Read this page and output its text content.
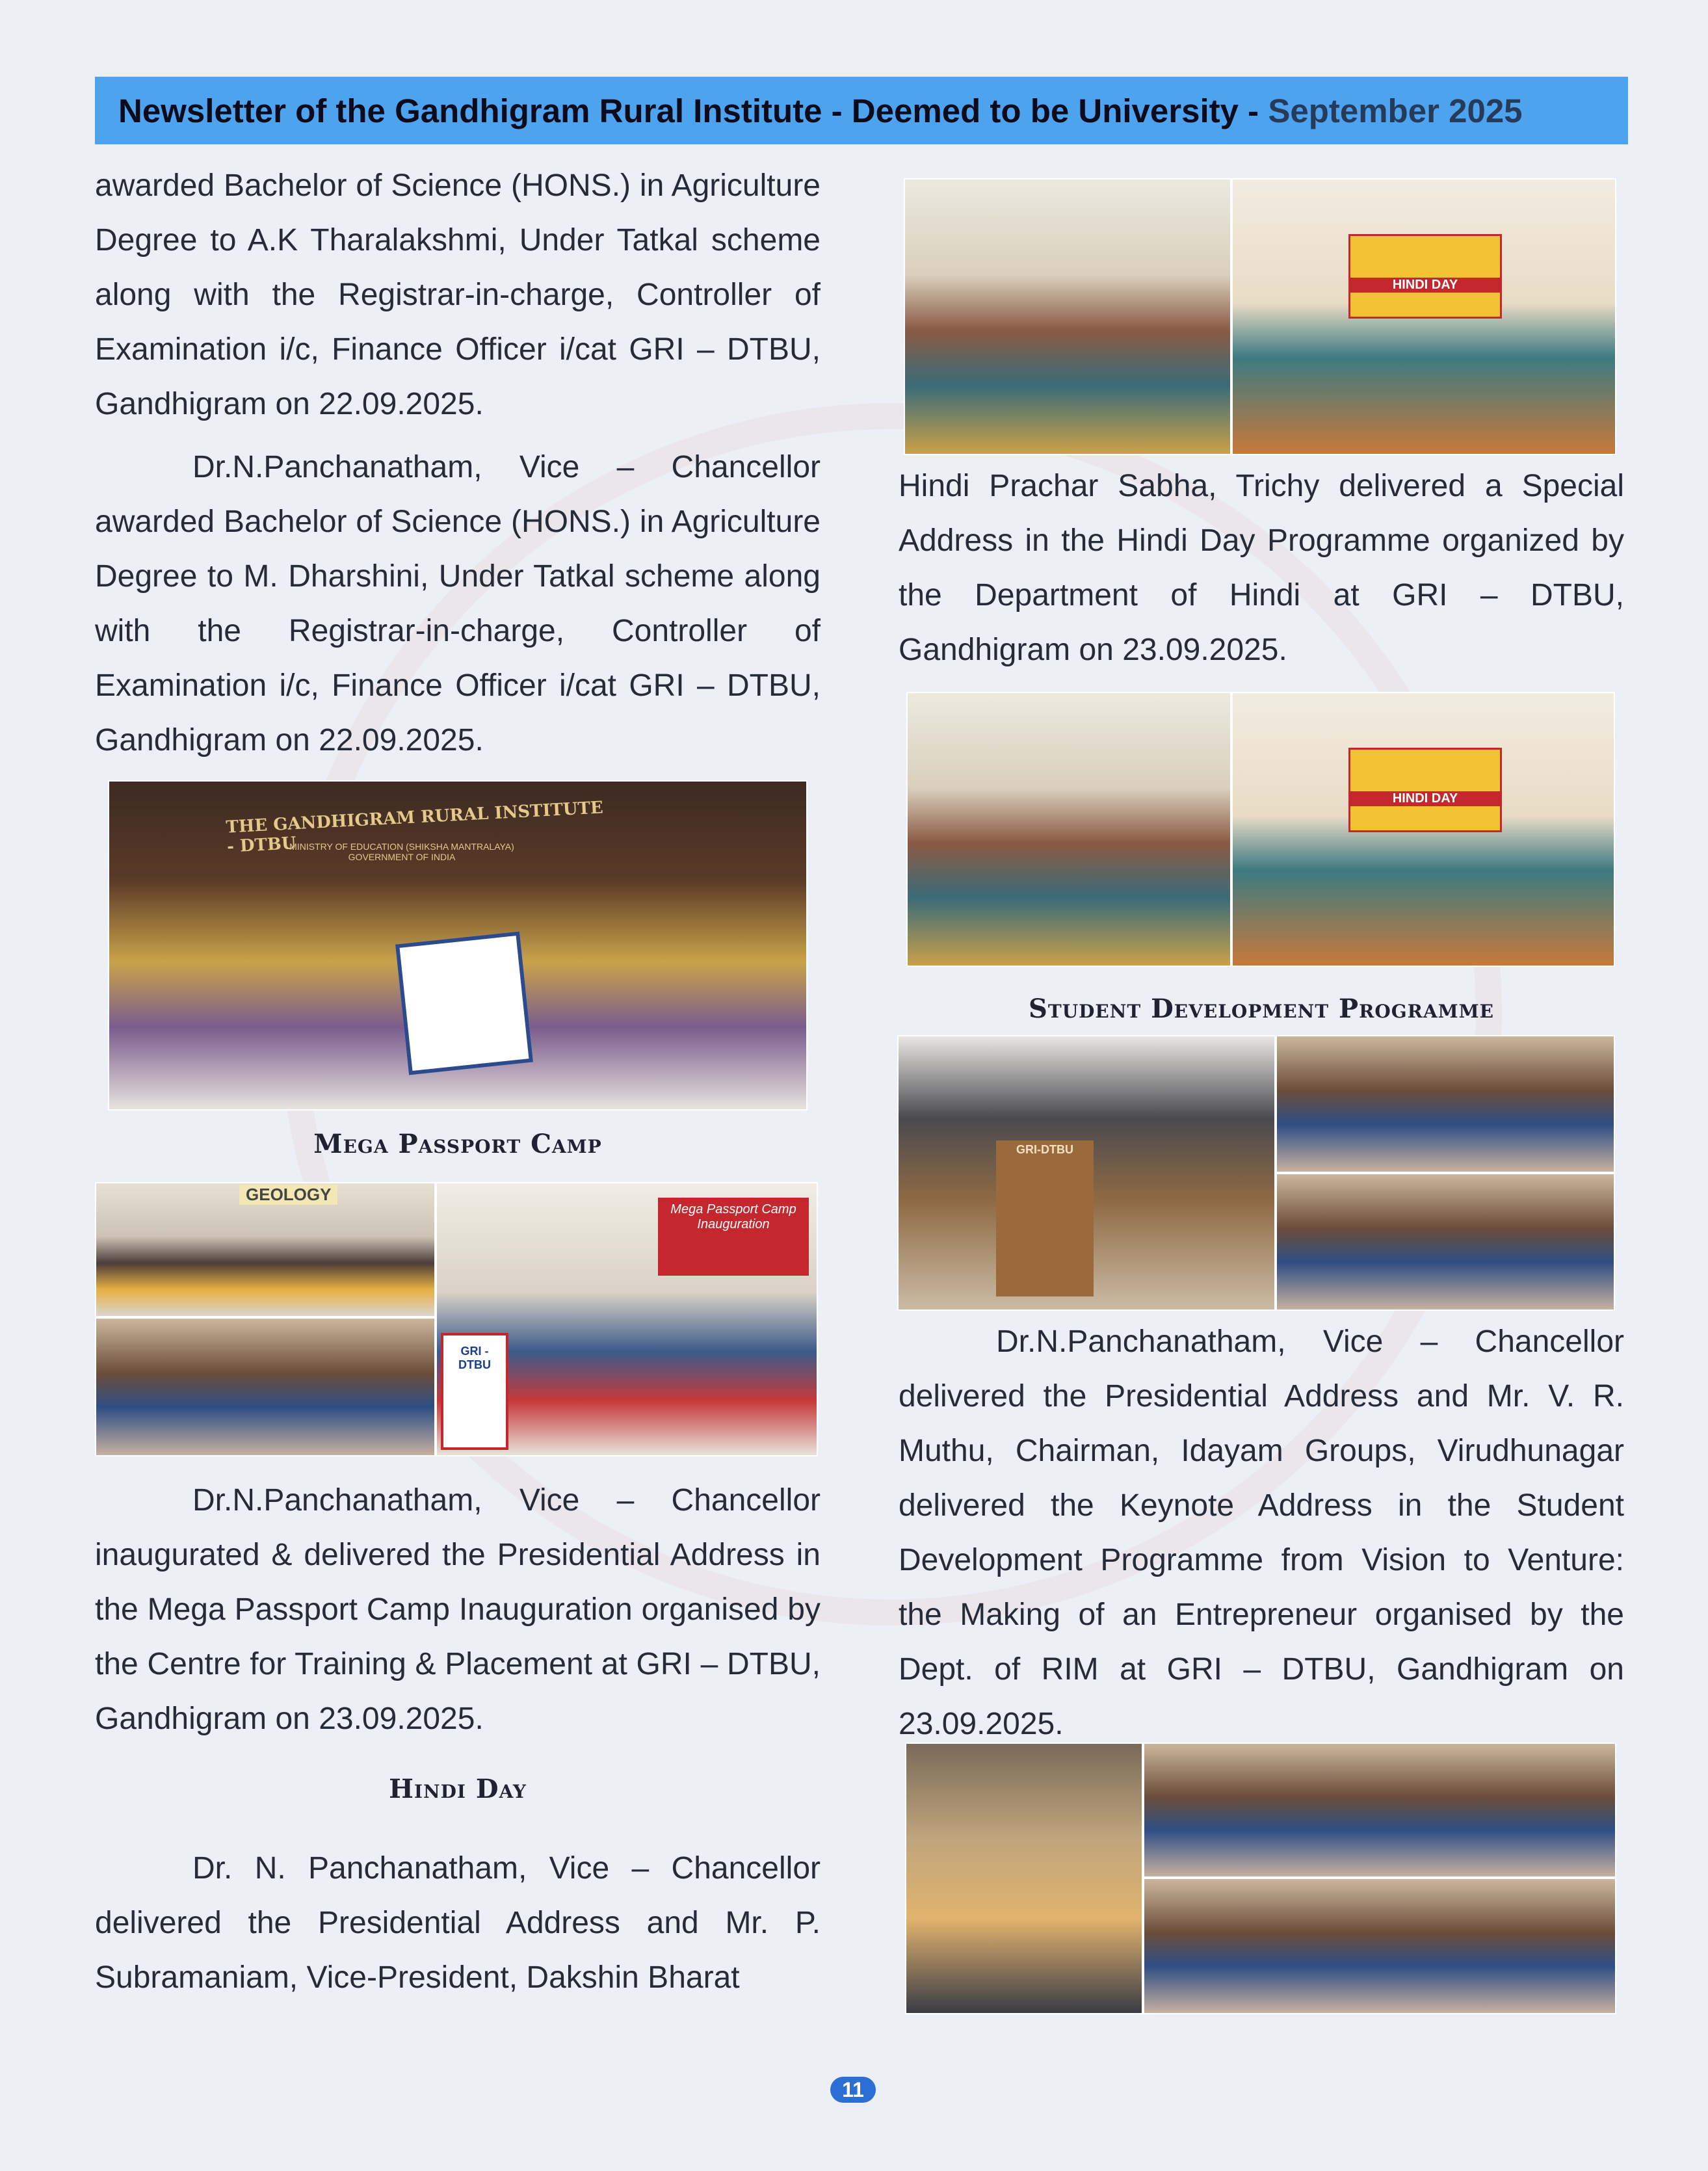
Newsletter of the Gandhigram Rural Institute - Deemed to be University - September 2025

awarded Bachelor of Science (HONS.) in Agriculture Degree to A.K Tharalakshmi, Under Tatkal scheme along with the Registrar-in-charge, Controller of Examination i/c, Finance Officer i/cat GRI – DTBU, Gandhigram on 22.09.2025.

Dr.N.Panchanatham, Vice – Chancellor awarded Bachelor of Science (HONS.) in Agriculture Degree to M. Dharshini, Under Tatkal scheme along with the Registrar-in-charge, Controller of Examination i/c, Finance Officer i/cat GRI – DTBU, Gandhigram on 22.09.2025.

THE GANDHIGRAM RURAL INSTITUTE - DTBU
MINISTRY OF EDUCATION (SHIKSHA MANTRALAYA) GOVERNMENT OF INDIA
Mega Passport Camp
GEOLOGY
Mega Passport Camp Inauguration
GRI - DTBU

Dr.N.Panchanatham, Vice – Chancellor inaugurated & delivered the Presidential Address in the Mega Passport Camp Inauguration organised by the Centre for Training & Placement at GRI – DTBU, Gandhigram on 23.09.2025.

Hindi Day

Dr. N. Panchanatham, Vice – Chancellor delivered the Presidential Address and Mr. P. Subramaniam, Vice-President, Dakshin Bharat

HINDI DAY

Hindi Prachar Sabha, Trichy delivered a Special Address in the Hindi Day Programme organized by the Department of Hindi at GRI – DTBU, Gandhigram on 23.09.2025.

HINDI DAY
Student Development Programme
GRI-DTBU

Dr.N.Panchanatham, Vice – Chancellor delivered the Presidential Address and Mr. V. R. Muthu, Chairman, Idayam Groups, Virudhunagar delivered the Keynote Address in the Student Development Programme from Vision to Venture: the Making of an Entrepreneur organised by the Dept. of RIM at GRI – DTBU, Gandhigram on 23.09.2025.

11
